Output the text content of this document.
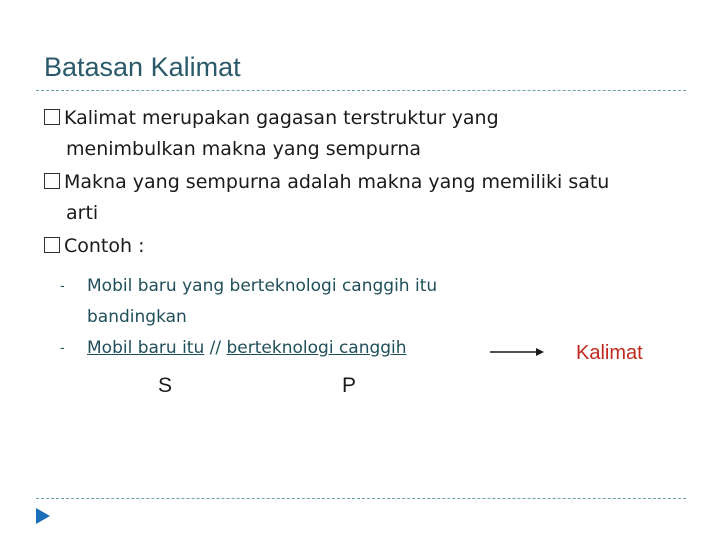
Batasan Kalimat
Kalimat merupakan gagasan terstruktur yang
menimbulkan makna yang sempurna
Makna yang sempurna adalah makna yang memiliki satu
arti
Contoh :
-	Mobil baru yang berteknologi canggih itu
bandingkan
-	Mobil baru itu // berteknologi canggih	Kalimat
S	P
